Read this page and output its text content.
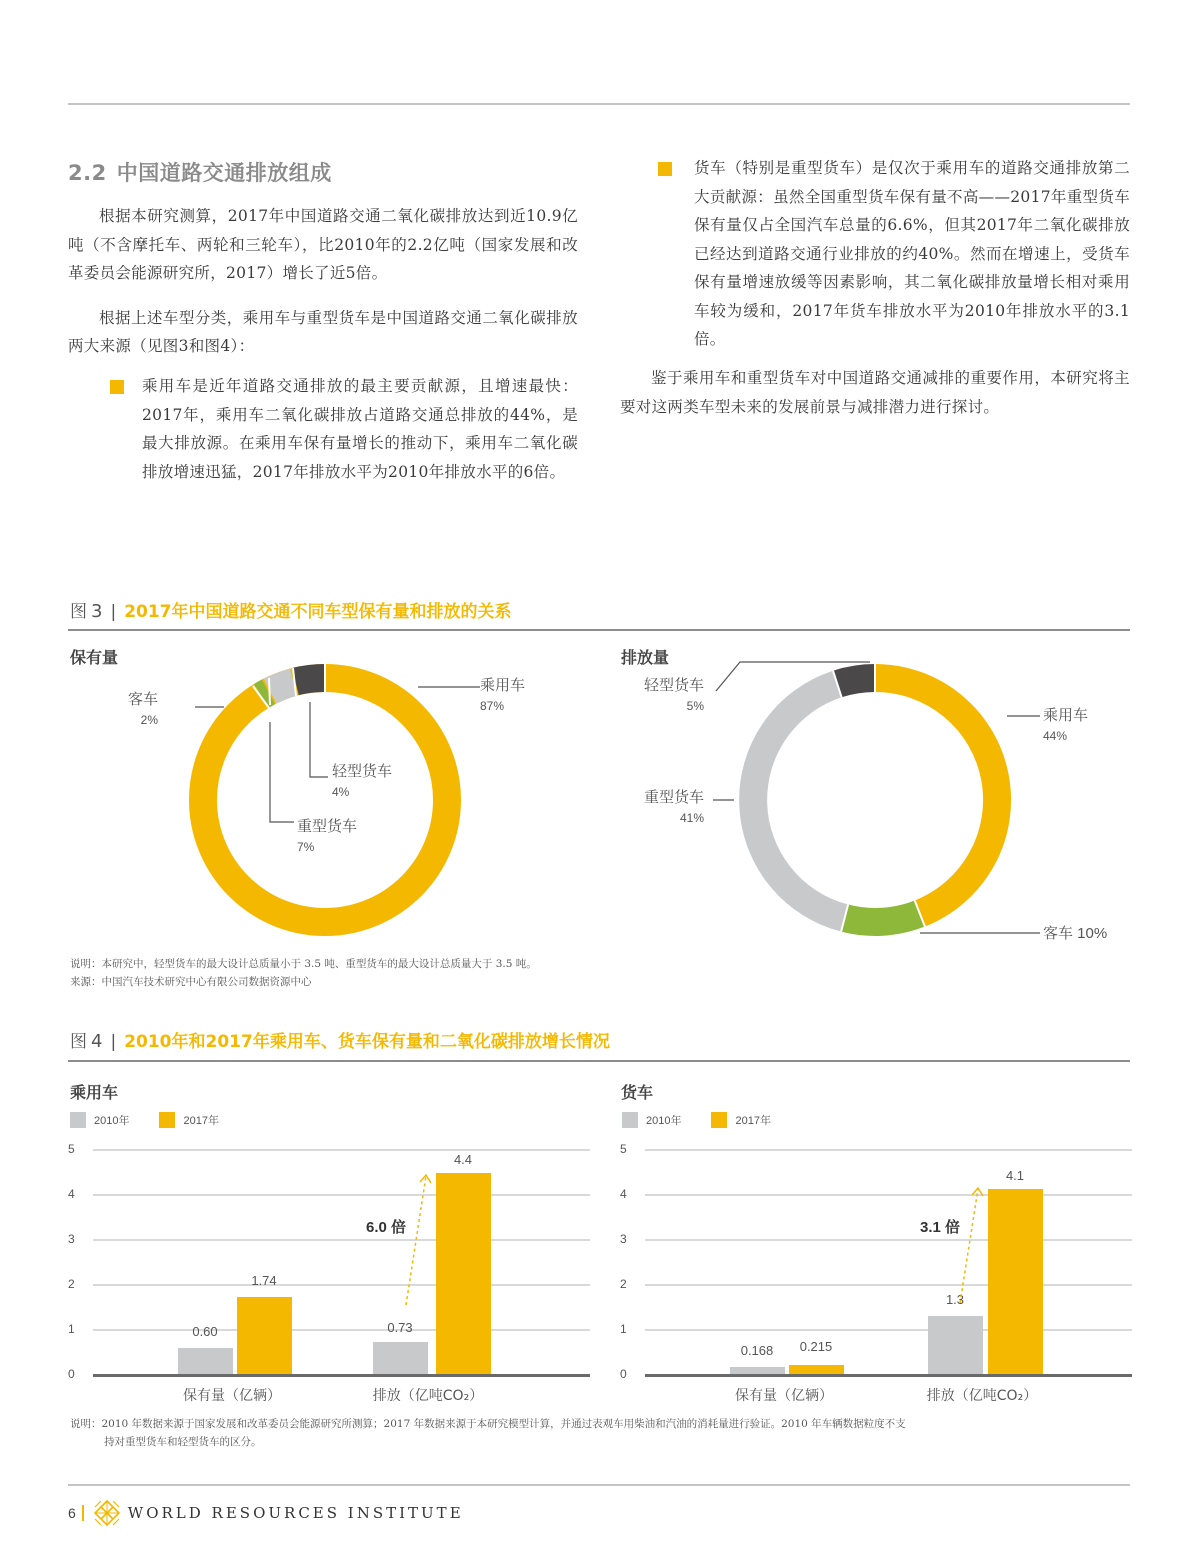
2.2 中国道路交通排放组成

根据本研究测算，2017年中国道路交通二氧化碳排放达到近10.9亿吨（不含摩托车、两轮和三轮车），比2010年的2.2亿吨（国家发展和改革委员会能源研究所，2017）增长了近5倍。

根据上述车型分类，乘用车与重型货车是中国道路交通二氧化碳排放两大来源（见图3和图4）：

乘用车是近年道路交通排放的最主要贡献源，且增速最快：2017年，乘用车二氧化碳排放占道路交通总排放的44%，是最大排放源。在乘用车保有量增长的推动下，乘用车二氧化碳排放增速迅猛，2017年排放水平为2010年排放水平的6倍。

货车（特别是重型货车）是仅次于乘用车的道路交通排放第二大贡献源：虽然全国重型货车保有量不高——2017年重型货车保有量仅占全国汽车总量的6.6%，但其2017年二氧化碳排放已经达到道路交通行业排放的约40%。然而在增速上，受货车保有量增速放缓等因素影响，其二氧化碳排放量增长相对乘用车较为缓和，2017年货车排放水平为2010年排放水平的3.1倍。

鉴于乘用车和重型货车对中国道路交通减排的重要作用，本研究将主要对这两类车型未来的发展前景与减排潜力进行探讨。

图 3 | 2017年中国道路交通不同车型保有量和排放的关系
保有量
乘用车
87%
客车
2%
轻型货车
4%
重型货车
7%
排放量
轻型货车
5%
乘用车
44%
重型货车
41%
客车 10%
说明：本研究中，轻型货车的最大设计总质量小于 3.5 吨、重型货车的最大设计总质量大于 3.5 吨。
来源：中国汽车技术研究中心有限公司数据资源中心
图 4 | 2010年和2017年乘用车、货车保有量和二氧化碳排放增长情况
乘用车
2010年	2017年
5
4
3
2
1
0
0.60
1.74
0.73
4.4
6.0 倍
保有量（亿辆）	排放（亿吨CO₂）
货车
2010年	2017年
5
4
3
2
1
0
0.168	0.215
1.3
4.1
3.1 倍
保有量（亿辆）	排放（亿吨CO₂）
说明：2010 年数据来源于国家发展和改革委员会能源研究所测算；2017 年数据来源于本研究模型计算，并通过表观车用柴油和汽油的消耗量进行验证。2010 年车辆数据粒度不支
持对重型货车和轻型货车的区分。
6	WORLD RESOURCES INSTITUTE
